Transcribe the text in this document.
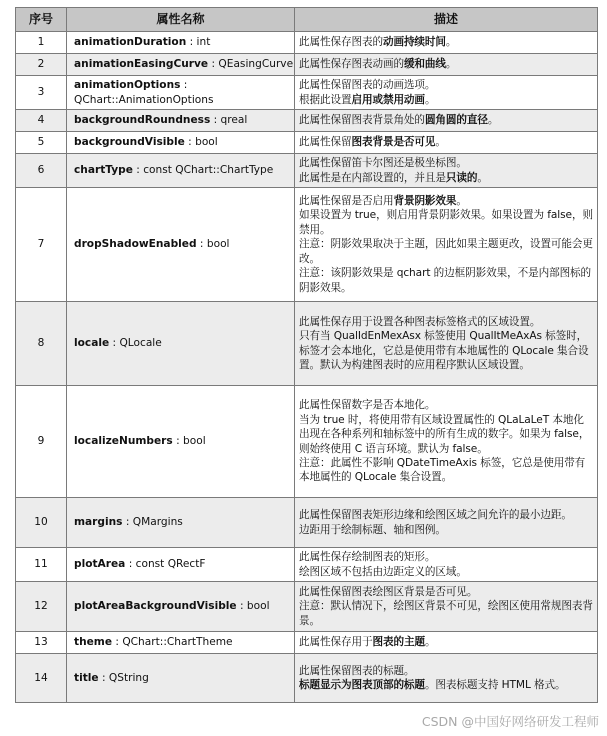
序号	属性名称	描述
1	animationDuration : int	此属性保存图表的动画持续时间。

2	animationEasingCurve : QEasingCurve	此属性保存图表动画的缓和曲线。

3	animationOptions :
QChart::AnimationOptions	此属性保留图表的动画选项。
根据此设置启用或禁用动画。

4	backgroundRoundness : qreal	此属性保留图表背景角处的圆角圆的直径。

5	backgroundVisible : bool	此属性保留图表背景是否可见。

6	chartType : const QChart::ChartType	此属性保留笛卡尔图还是极坐标图。
此属性是在内部设置的，并且是只读的。

7	dropShadowEnabled : bool	此属性保留是否启用背景阴影效果。
如果设置为 true，则启用背景阴影效果。如果设置为 false，则禁用。
注意：阴影效果取决于主题，因此如果主题更改，设置可能会更改。
注意：该阴影效果是 qchart 的边框阴影效果，不是内部图标的阴影效果。

8	locale : QLocale	此属性保存用于设置各种图表标签格式的区域设置。
只有当 QualIdEnMexAsx 标签使用 QualItMeAxAs 标签时，标签才会本地化，它总是使用带有本地属性的 QLocale 集合设置。默认为构建图表时的应用程序默认区域设置。

9	localizeNumbers : bool	此属性保留数字是否本地化。
当为 true 时，将使用带有区域设置属性的 QLaLaLeT 本地化出现在各种系列和轴标签中的所有生成的数字。如果为 false，则始终使用 C 语言环境。默认为 false。
注意：此属性不影响 QDateTimeAxis 标签，它总是使用带有本地属性的 QLocale 集合设置。

10	margins : QMargins	此属性保留图表矩形边缘和绘图区域之间允许的最小边距。
边距用于绘制标题、轴和图例。

11	plotArea : const QRectF	此属性保存绘制图表的矩形。
绘图区域不包括由边距定义的区域。

12	plotAreaBackgroundVisible : bool	此属性保留图表绘图区背景是否可见。
注意：默认情况下，绘图区背景不可见，绘图区使用常规图表背景。

13	theme : QChart::ChartTheme	此属性保存用于图表的主题。

14	title : QString	此属性保留图表的标题。
标题显示为图表顶部的标题。图表标题支持 HTML 格式。
CSDN @中国好网络研发工程师
